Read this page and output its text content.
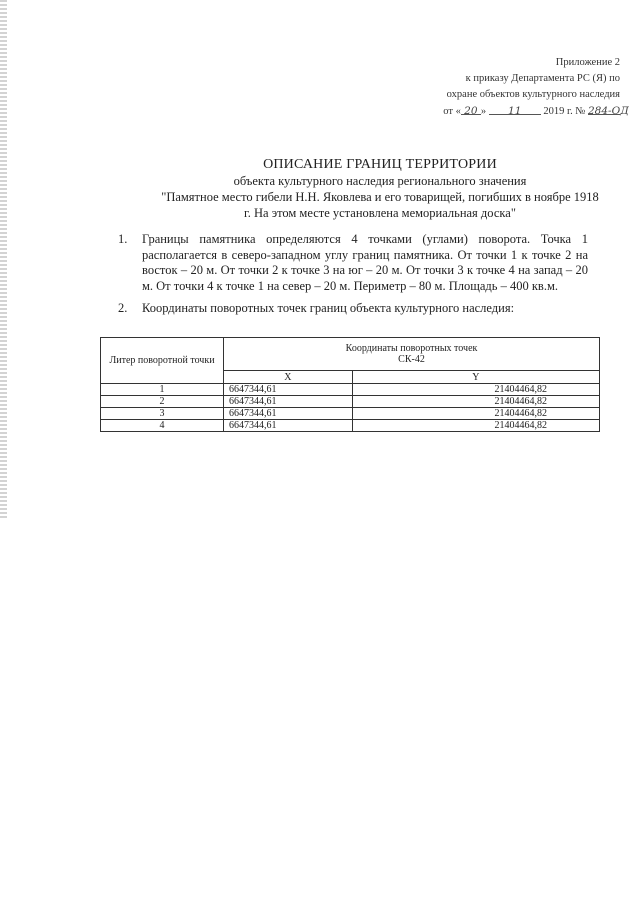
Приложение 2
к приказу Департамента РС (Я) по
охране объектов культурного наследия
от « 20 » 11 2019 г. № 284-ОД
ОПИСАНИЕ ГРАНИЦ ТЕРРИТОРИИ
объекта культурного наследия регионального значения
"Памятное место гибели Н.Н. Яковлева и его товарищей, погибших в ноябре 1918
г. На этом месте установлена мемориальная доска"
1. Границы памятника определяются 4 точками (углами) поворота. Точка 1 располагается в северо-западном углу границ памятника. От точки 1 к точке 2 на восток – 20 м. От точки 2 к точке 3 на юг – 20 м. От точки 3 к точке 4 на запад – 20 м. От точки 4 к точке 1 на север – 20 м. Периметр – 80 м. Площадь – 400 кв.м.
2. Координаты поворотных точек границ объекта культурного наследия:
Литер поворотной точки	Координаты поворотных точек
СК-42	

	X	Y
1	6647344,61	21404464,82
2	6647344,61	21404464,82
3	6647344,61	21404464,82
4	6647344,61	21404464,82
